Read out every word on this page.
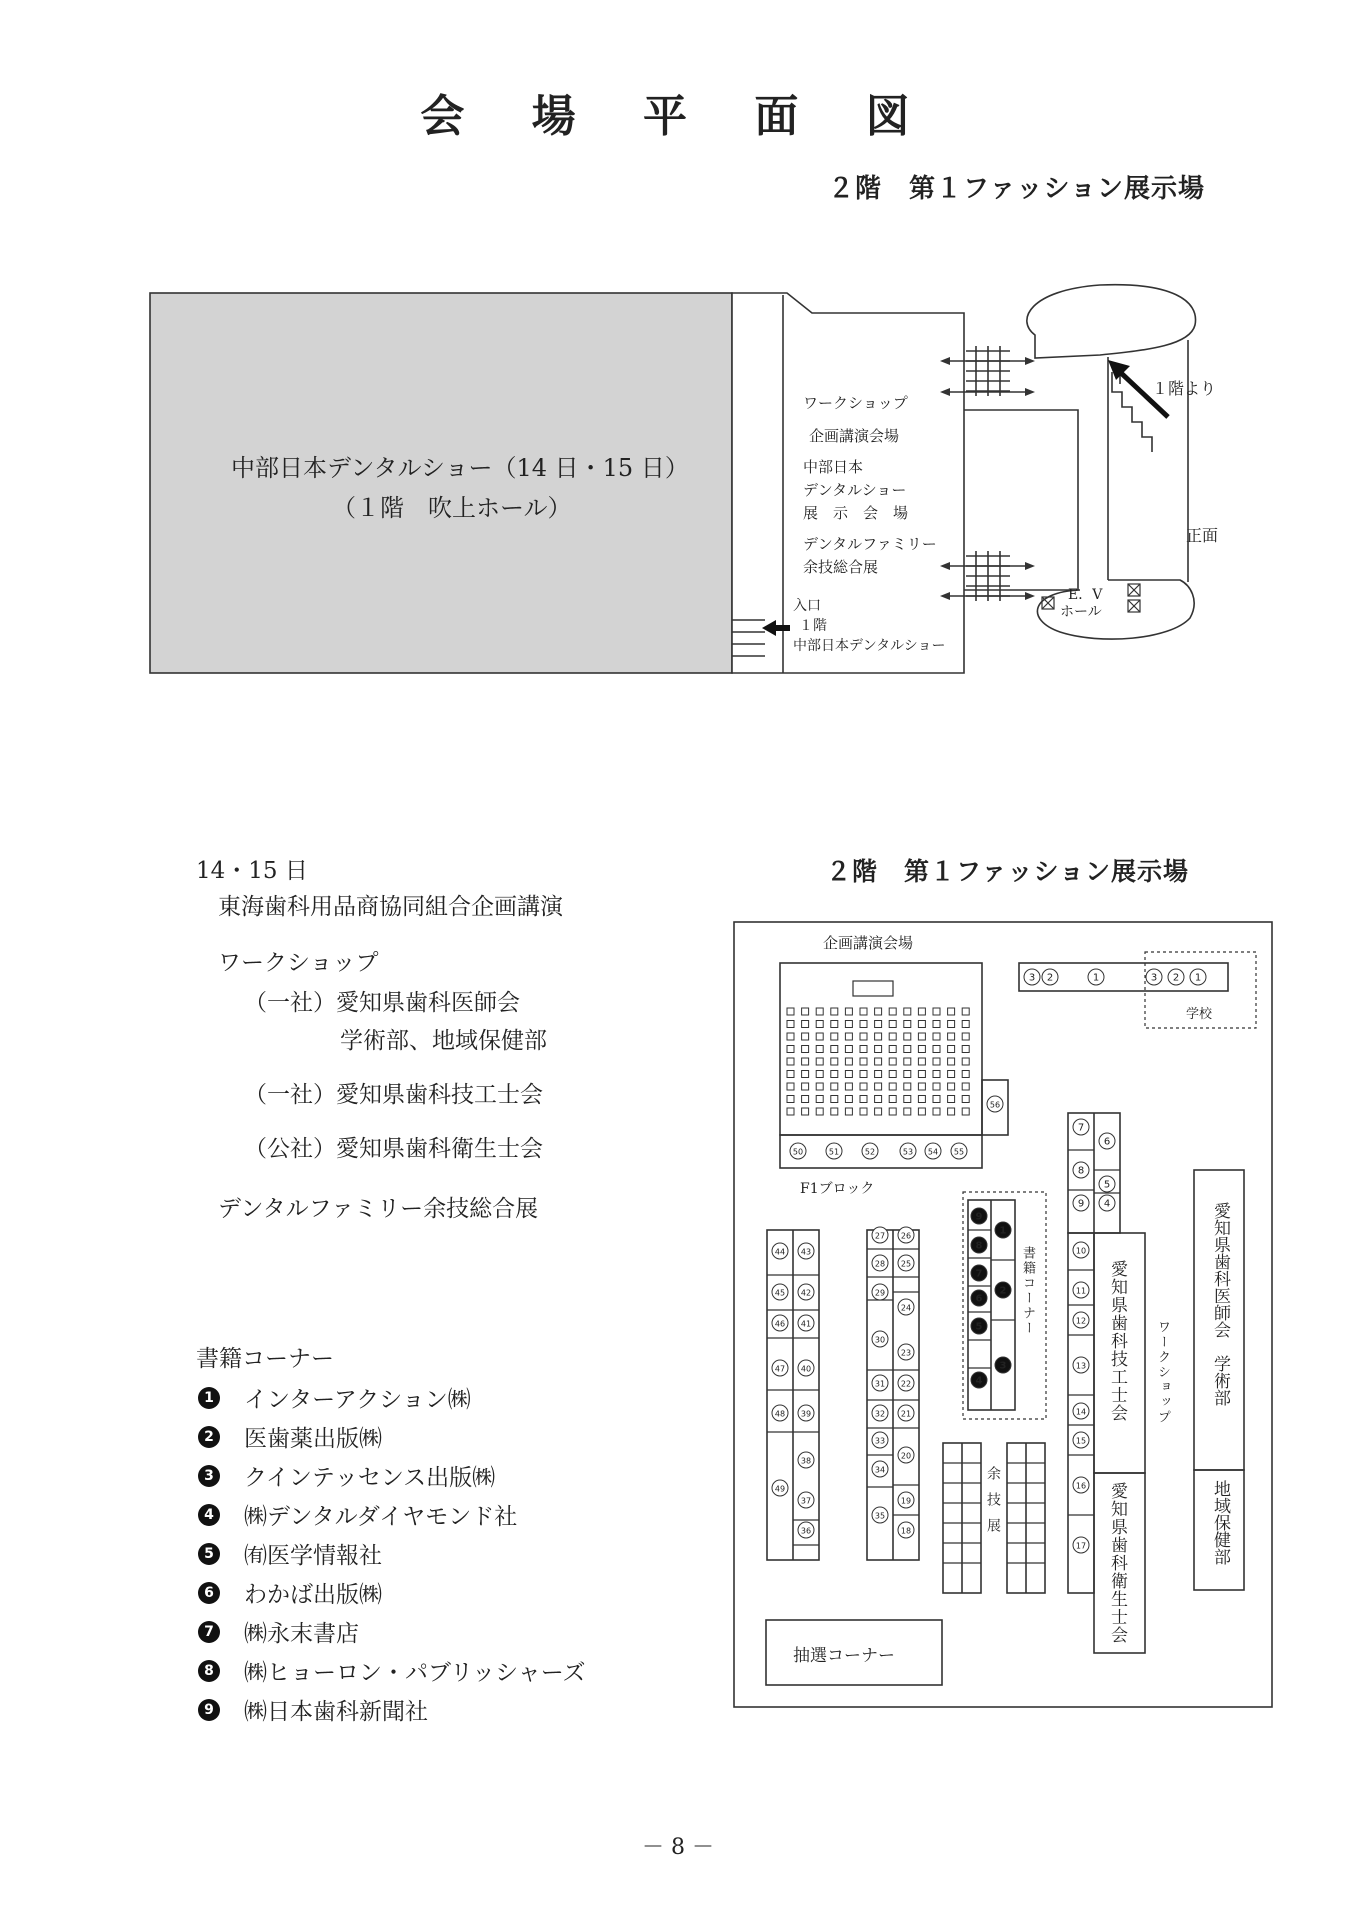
会 場 平 面 図
２階　第１ファッション展示場
3 2	1	3 2 1
50	51	52	53 54 55
56
44 43
45 42
46 41
47 40
48 39
49
38
37
36
27 26
28
29
30
31
32
33
34
35
25
24
23
22
21
20
19
18
9
8
7
6
5
4
1
2
3
7
8
9
6
5
4
10
11
12
13
14
15
16
17
中部日本デンタルショー（14 日・15 日）
（１階　吹上ホール）
ワークショップ
企画講演会場
中部日本
デンタルショー
展　示　会　場
デンタルファミリー
余技総合展
１階より
正面
E．V
ホール
入口
１階
中部日本デンタルショー
14・15 日
東海歯科用品商協同組合企画講演
ワークショップ
（一社）愛知県歯科医師会
学術部、地域保健部
（一社）愛知県歯科技工士会
（公社）愛知県歯科衛生士会
デンタルファミリー余技総合展
２階　第１ファッション展示場
書籍コーナー
1 インターアクション㈱
2 医歯薬出版㈱
3 クインテッセンス出版㈱
4 ㈱デンタルダイヤモンド社
5 ㈲医学情報社
6 わかば出版㈱
7 ㈱永末書店
8 ㈱ヒョーロン・パブリッシャーズ
9 ㈱日本歯科新聞社
企画講演会場
F1ブロック
学校
書籍コーナー
余技展
愛知県歯科技工士会
愛知県歯科衛生士会
ワークショップ 愛知県歯科医師会　学術部
地域保健部
抽選コーナー
－ 8 －
